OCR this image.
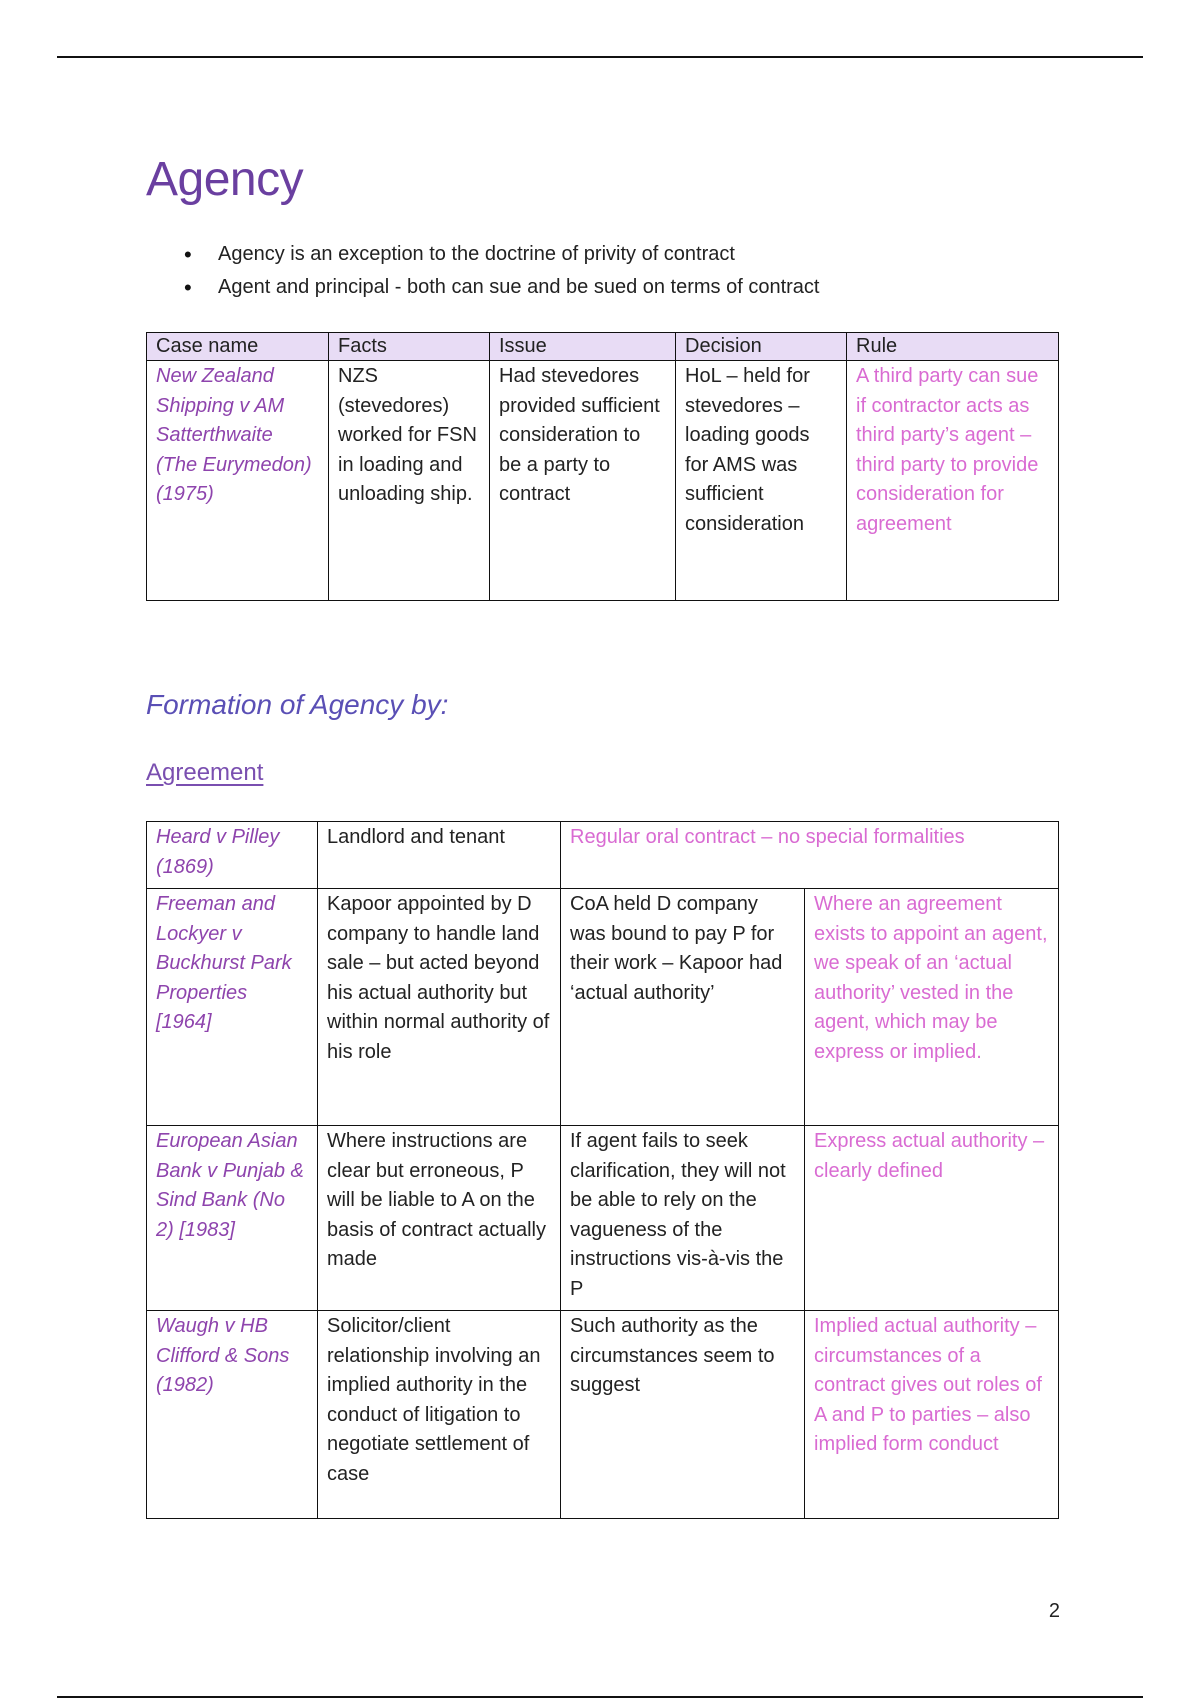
Agency
• Agency is an exception to the doctrine of privity of contract
• Agent and principal - both can sue and be sued on terms of contract
Case name	Facts	Issue	Decision	Rule
New Zealand Shipping v AM Satterthwaite (The Eurymedon) (1975)	NZS (stevedores) worked for FSN in loading and unloading ship.	Had stevedores provided sufficient consideration to be a party to contract	HoL – held for stevedores – loading goods for AMS was sufficient consideration	A third party can sue if contractor acts as third party’s agent – third party to provide consideration for agreement
Formation of Agency by:
Agreement
Heard v Pilley (1869)	Landlord and tenant	Regular oral contract – no special formalities	
Freeman and Lockyer v Buckhurst Park Properties [1964]	Kapoor appointed by D company to handle land sale – but acted beyond his actual authority but within normal authority of his role	CoA held D company was bound to pay P for their work – Kapoor had ‘actual authority’	Where an agreement exists to appoint an agent, we speak of an ‘actual authority’ vested in the agent, which may be express or implied.
European Asian Bank v Punjab & Sind Bank (No 2) [1983]	Where instructions are clear but erroneous, P will be liable to A on the basis of contract actually made	If agent fails to seek clarification, they will not be able to rely on the vagueness of the instructions vis-à-vis the P	Express actual authority – clearly defined
Waugh v HB Clifford & Sons (1982)	Solicitor/client relationship involving an implied authority in the conduct of litigation to negotiate settlement of case	Such authority as the circumstances seem to suggest	Implied actual authority – circumstances of a contract gives out roles of A and P to parties – also implied form conduct
2
